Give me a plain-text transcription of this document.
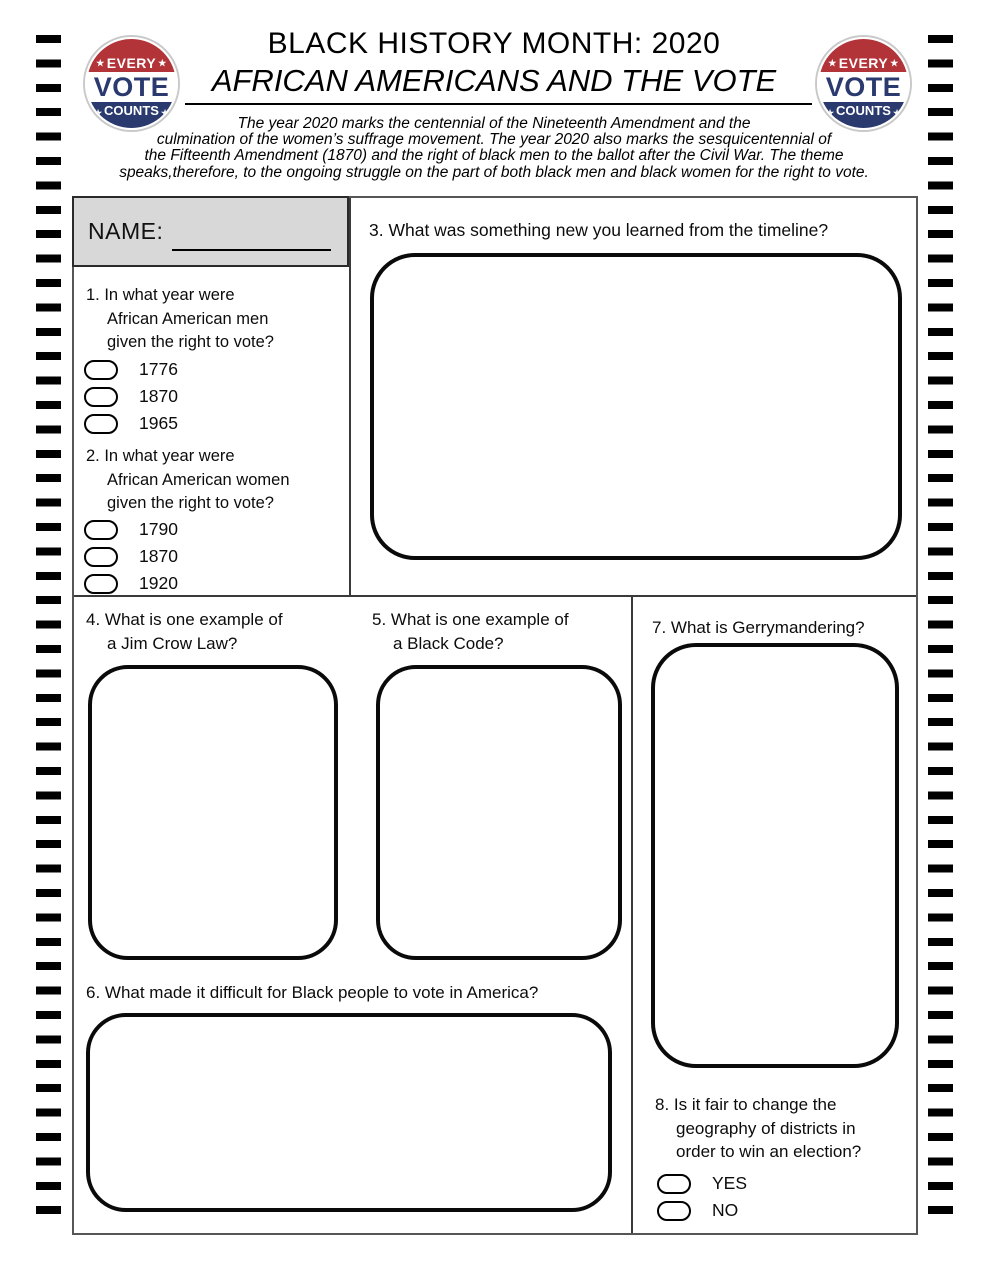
★ EVERY ★
VOTE
★ COUNTS ★
★ EVERY ★
VOTE
★ COUNTS ★
BLACK HISTORY MONTH: 2020
AFRICAN AMERICANS AND THE VOTE
The year 2020 marks the centennial of the Nineteenth Amendment and the
culmination of the women’s suffrage movement. The year 2020 also marks the sesquicentennial of
the Fifteenth Amendment (1870) and the right of black men to the ballot after the Civil War. The theme
speaks,therefore, to the ongoing struggle on the part of both black men and black women for the right to vote.
NAME:
1. In what year were
African American men
given the right to vote?
1776
1870
1965
2. In what year were
African American women
given the right to vote?
1790
1870
1920
3. What was something new you learned from the timeline?
4. What is one example of
a Jim Crow Law?
5. What is one example of
a Black Code?
6. What made it difficult for Black people to vote in America?
7. What is Gerrymandering?
8. Is it fair to change the
geography of districts in
order to win an election?
YES
NO
